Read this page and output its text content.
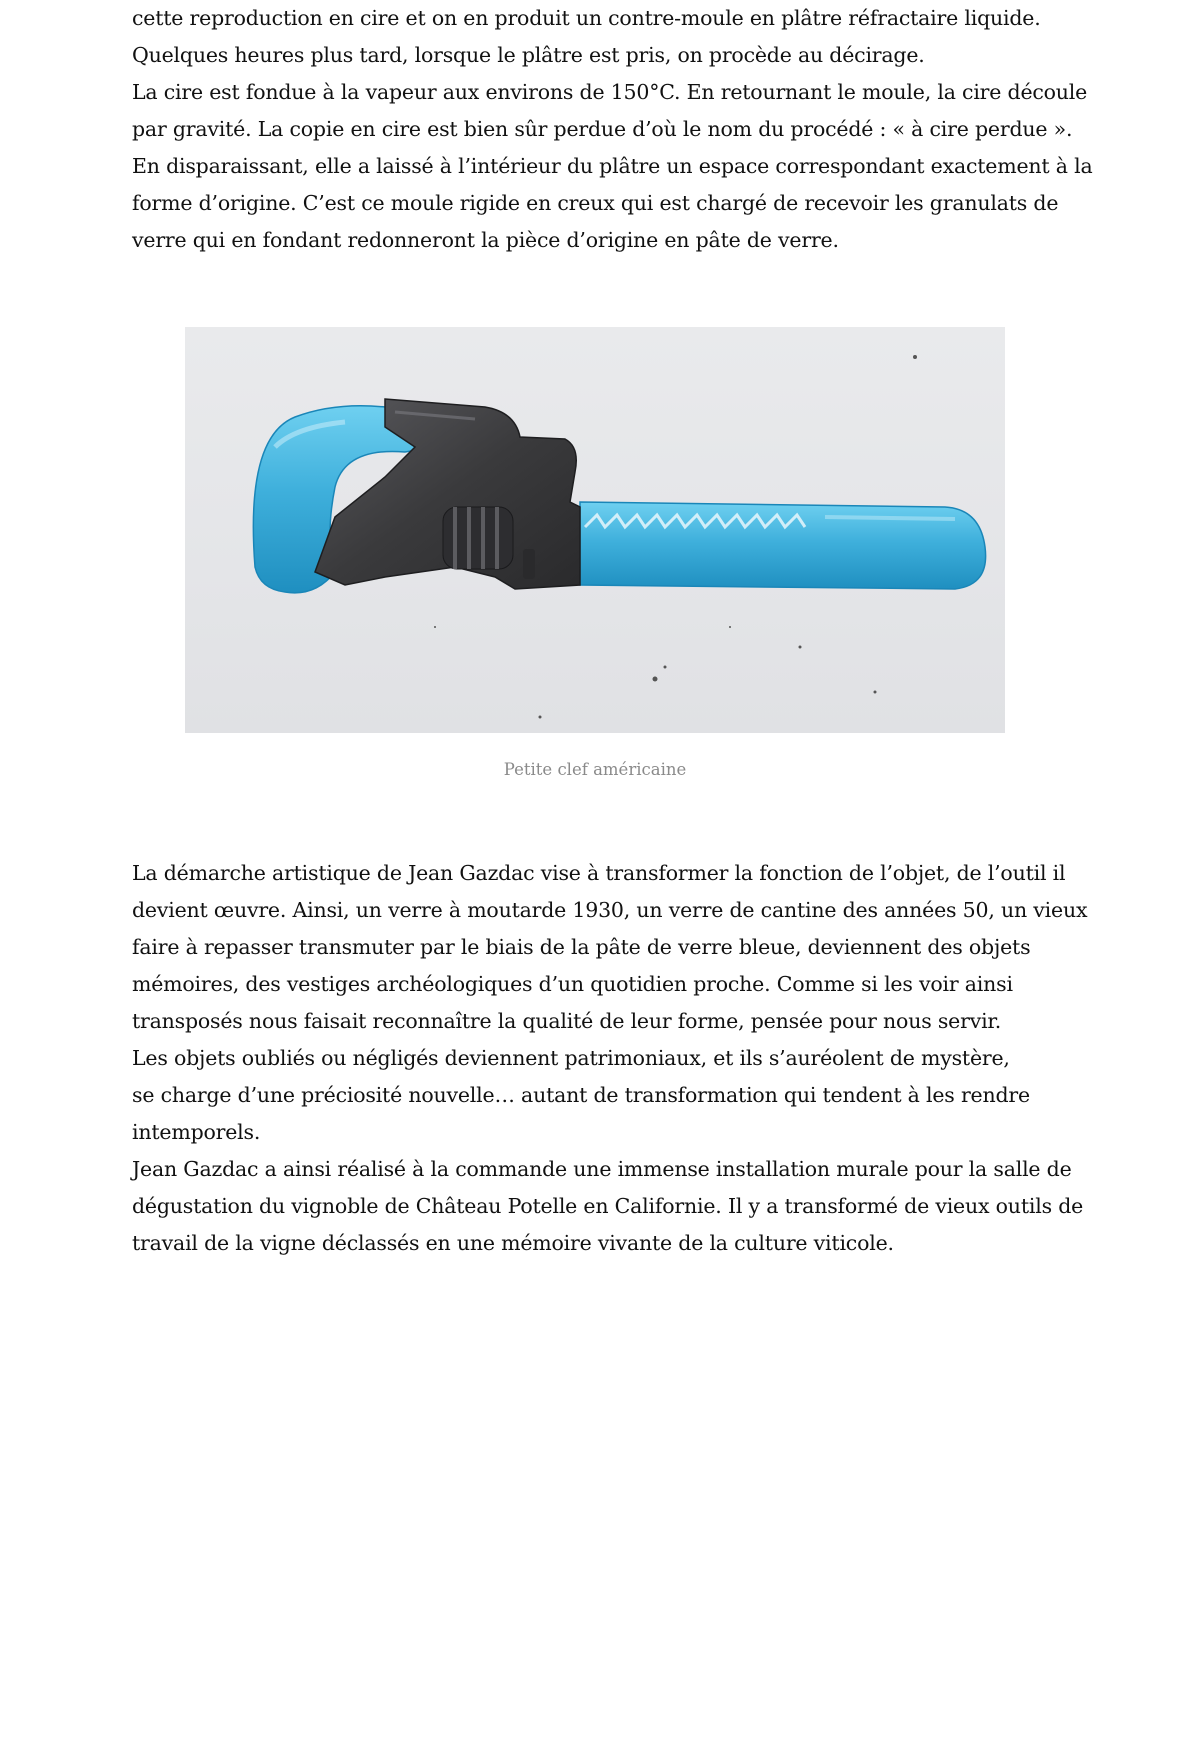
cette reproduction en cire et on en produit un contre-moule en plâtre réfractaire liquide.
Quelques heures plus tard, lorsque le plâtre est pris, on procède au décirage.
La cire est fondue à la vapeur aux environs de 150°C. En retournant le moule, la cire découle
par gravité. La copie en cire est bien sûr perdue d’où le nom du procédé : « à cire perdue ».
En disparaissant, elle a laissé à l’intérieur du plâtre un espace correspondant exactement à la
forme d’origine. C’est ce moule rigide en creux qui est chargé de recevoir les granulats de
verre qui en fondant redonneront la pièce d’origine en pâte de verre.
Petite clef américaine
La démarche artistique de Jean Gazdac vise à transformer la fonction de l’objet, de l’outil il
devient œuvre. Ainsi, un verre à moutarde 1930, un verre de cantine des années 50, un vieux
faire à repasser transmuter par le biais de la pâte de verre bleue, deviennent des objets
mémoires, des vestiges archéologiques d’un quotidien proche. Comme si les voir ainsi
transposés nous faisait reconnaître la qualité de leur forme, pensée pour nous servir.
Les objets oubliés ou négligés deviennent patrimoniaux, et ils s’auréolent de mystère,
se charge d’une préciosité nouvelle… autant de transformation qui tendent à les rendre
intemporels.
Jean Gazdac a ainsi réalisé à la commande une immense installation murale pour la salle de
dégustation du vignoble de Château Potelle en Californie. Il y a transformé de vieux outils de
travail de la vigne déclassés en une mémoire vivante de la culture viticole.
